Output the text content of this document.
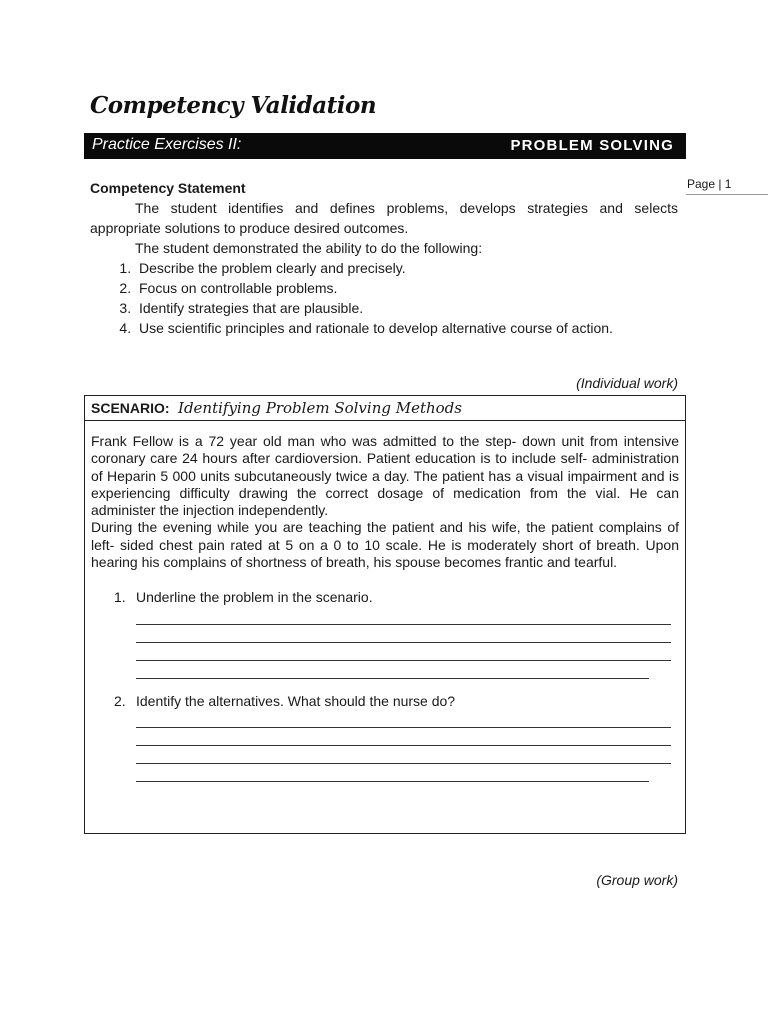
Competency Validation
Practice Exercises II:	PROBLEM SOLVING
Page | 1
Competency Statement

The student identifies and defines problems, develops strategies and selects appropriate solutions to produce desired outcomes.

The student demonstrated the ability to do the following:
1. Describe the problem clearly and precisely.
2. Focus on controllable problems.
3. Identify strategies that are plausible.
4. Use scientific principles and rationale to develop alternative course of action.
(Individual work)
SCENARIO: Identifying Problem Solving Methods

Frank Fellow is a 72 year old man who was admitted to the step- down unit from intensive coronary care 24 hours after cardioversion. Patient education is to include self- administration of Heparin 5 000 units subcutaneously twice a day. The patient has a visual impairment and is experiencing difficulty drawing the correct dosage of medication from the vial. He can administer the injection independently.

During the evening while you are teaching the patient and his wife, the patient complains of left- sided chest pain rated at 5 on a 0 to 10 scale. He is moderately short of breath. Upon hearing his complains of shortness of breath, his spouse becomes frantic and tearful.

1. Underline the problem in the scenario.
2. Identify the alternatives. What should the nurse do?
(Group work)
